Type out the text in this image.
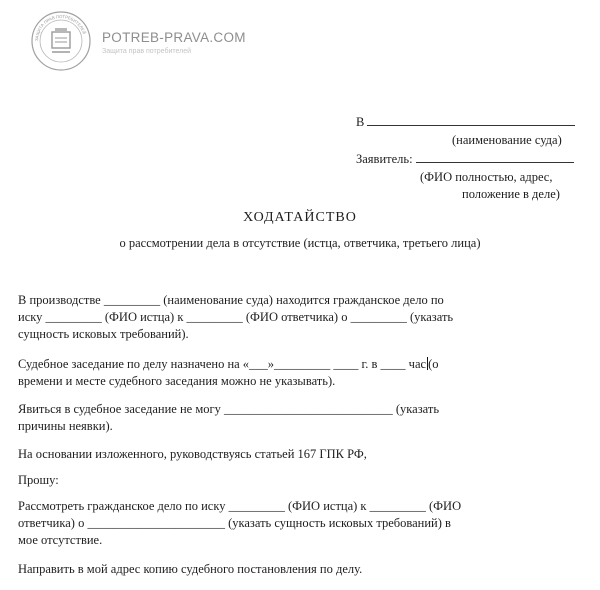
ЗАЩИТА ПРАВ ПОТРЕБИТЕЛЕЙ POTREB-PRAVA.COM
Защита прав потребителей
В
(наименование суда)
Заявитель:
(ФИО полностью, адрес,
положение в деле)
ХОДАТАЙСТВО
о рассмотрении дела в отсутствие (истца, ответчика, третьего лица)

В производстве _________ (наименование суда) находится гражданское дело по
иску _________ (ФИО истца) к _________ (ФИО ответчика) о _________ (указать
сущность исковых требований).

Судебное заседание по делу назначено на «___»_________ ____ г. в ____ час (о
времени и месте судебного заседания можно не указывать).

Явиться в судебное заседание не могу ___________________________ (указать
причины неявки).

На основании изложенного, руководствуясь статьей 167 ГПК РФ,

Прошу:

Рассмотреть гражданское дело по иску _________ (ФИО истца) к _________ (ФИО
ответчика) о ______________________ (указать сущность исковых требований) в
мое отсутствие.

Направить в мой адрес копию судебного постановления по делу.
